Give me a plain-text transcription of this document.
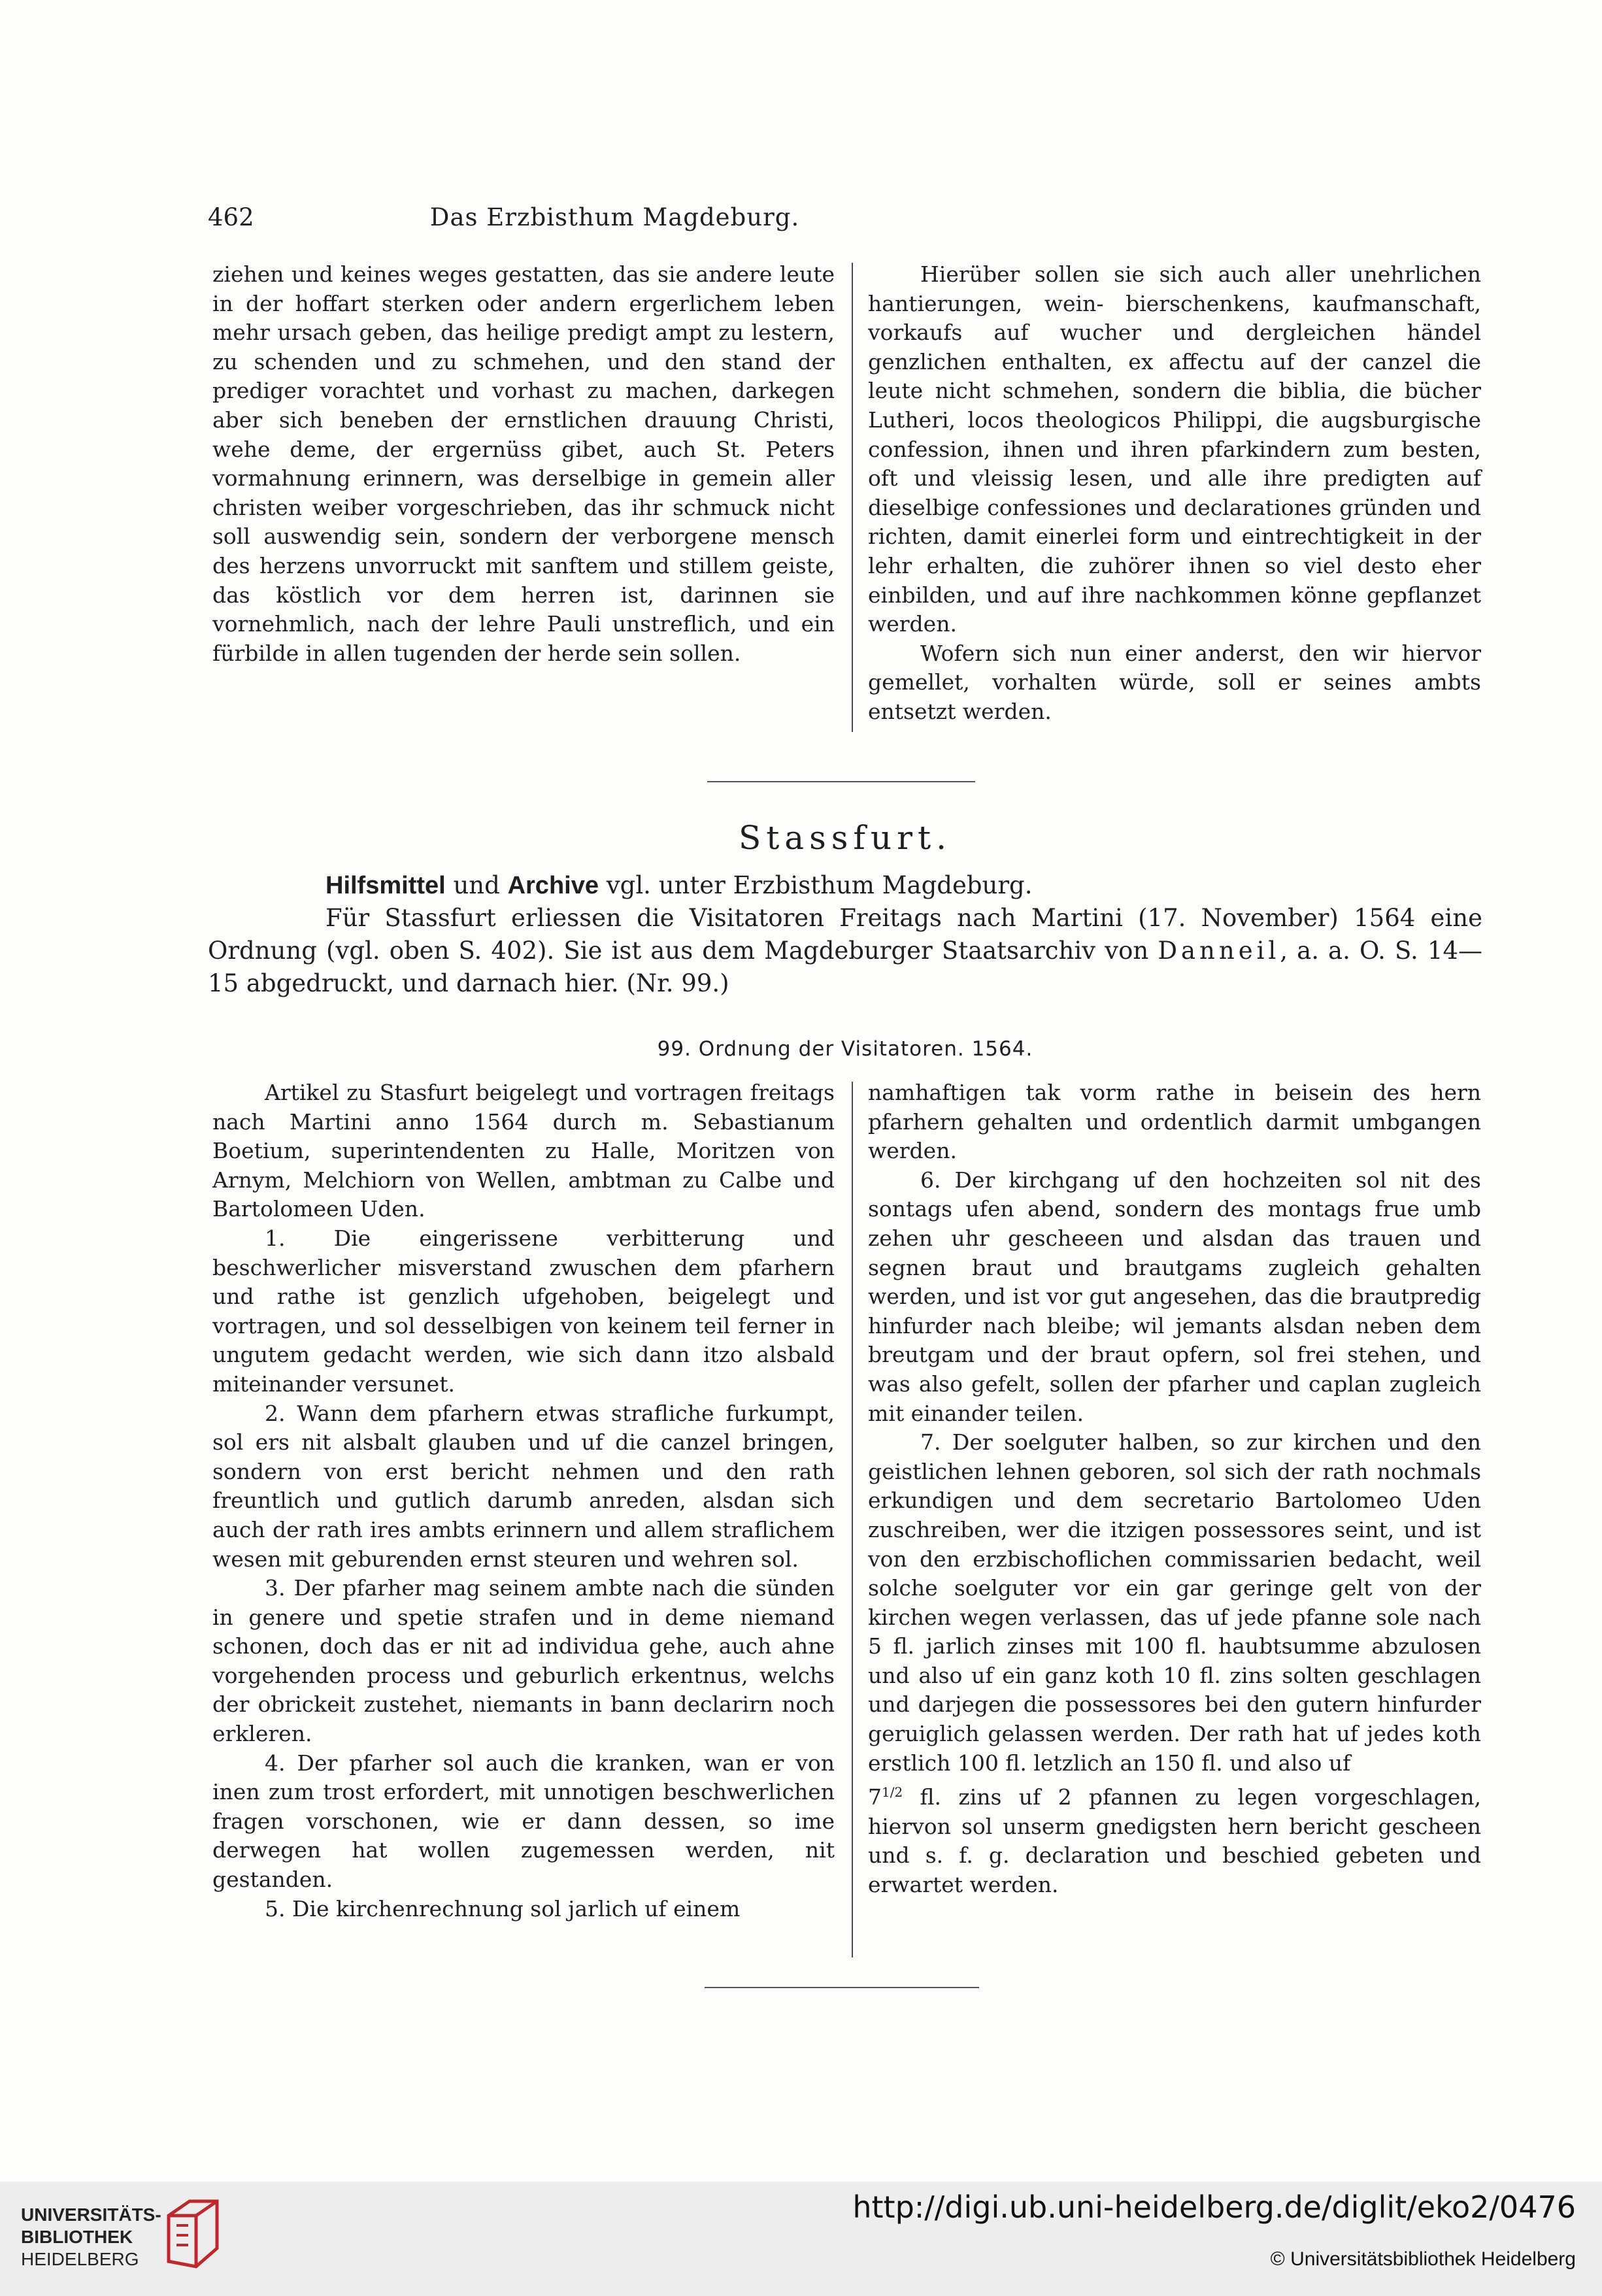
462	Das Erzbisthum Magdeburg.

ziehen und keines weges gestatten, das sie andere leute in der hoffart sterken oder andern ergerlichem leben mehr ursach geben, das heilige predigt ampt zu lestern, zu schenden und zu schmehen, und den stand der prediger vorachtet und vorhast zu machen, darkegen aber sich beneben der ernstlichen drauung Christi, wehe deme, der ergernüss gibet, auch St. Peters vormahnung erinnern, was derselbige in gemein aller christen weiber vorgeschrieben, das ihr schmuck nicht soll auswendig sein, sondern der verborgene mensch des herzens unvorruckt mit sanftem und stillem geiste, das köstlich vor dem herren ist, darinnen sie vornehmlich, nach der lehre Pauli unstreflich, und ein fürbilde in allen tugenden der herde sein sollen.

Hierüber sollen sie sich auch aller unehrlichen hantierungen, wein- bierschenkens, kaufmanschaft, vorkaufs auf wucher und dergleichen händel genzlichen enthalten, ex affectu auf der canzel die leute nicht schmehen, sondern die biblia, die bücher Lutheri, locos theologicos Philippi, die augsburgische confession, ihnen und ihren pfarkindern zum besten, oft und vleissig lesen, und alle ihre predigten auf dieselbige confessiones und declarationes gründen und richten, damit einerlei form und eintrechtigkeit in der lehr erhalten, die zuhörer ihnen so viel desto eher einbilden, und auf ihre nachkommen könne gepflanzet werden.

Wofern sich nun einer anderst, den wir hiervor gemellet, vorhalten würde, soll er seines ambts entsetzt werden.

Stassfurt.

Hilfsmittel und Archive vgl. unter Erzbisthum Magdeburg.

Für Stassfurt erliessen die Visitatoren Freitags nach Martini (17. November) 1564 eine Ordnung (vgl. oben S. 402). Sie ist aus dem Magdeburger Staatsarchiv von Danneil, a. a. O. S. 14—15 abgedruckt, und darnach hier. (Nr. 99.)

99. Ordnung der Visitatoren. 1564.

Artikel zu Stasfurt beigelegt und vortragen freitags nach Martini anno 1564 durch m. Sebastianum Boetium, superintendenten zu Halle, Moritzen von Arnym, Melchiorn von Wellen, ambtman zu Calbe und Bartolomeen Uden.

1. Die eingerissene verbitterung und beschwerlicher misverstand zwuschen dem pfarhern und rathe ist genzlich ufgehoben, beigelegt und vortragen, und sol desselbigen von keinem teil ferner in ungutem gedacht werden, wie sich dann itzo alsbald miteinander versunet.

2. Wann dem pfarhern etwas strafliche furkumpt, sol ers nit alsbalt glauben und uf die canzel bringen, sondern von erst bericht nehmen und den rath freuntlich und gutlich darumb anreden, alsdan sich auch der rath ires ambts erinnern und allem straflichem wesen mit geburenden ernst steuren und wehren sol.

3. Der pfarher mag seinem ambte nach die sünden in genere und spetie strafen und in deme niemand schonen, doch das er nit ad individua gehe, auch ahne vorgehenden process und geburlich erkentnus, welchs der obrickeit zustehet, niemants in bann declarirn noch erkleren.

4. Der pfarher sol auch die kranken, wan er von inen zum trost erfordert, mit unnotigen beschwerlichen fragen vorschonen, wie er dann dessen, so ime derwegen hat wollen zugemessen werden, nit gestanden.

5. Die kirchenrechnung sol jarlich uf einem

namhaftigen tak vorm rathe in beisein des hern pfarhern gehalten und ordentlich darmit umbgangen werden.

6. Der kirchgang uf den hochzeiten sol nit des sontags ufen abend, sondern des montags frue umb zehen uhr gescheeen und alsdan das trauen und segnen braut und brautgams zugleich gehalten werden, und ist vor gut angesehen, das die brautpredig hinfurder nach bleibe; wil jemants alsdan neben dem breutgam und der braut opfern, sol frei stehen, und was also gefelt, sollen der pfarher und caplan zugleich mit einander teilen.

7. Der soelguter halben, so zur kirchen und den geistlichen lehnen geboren, sol sich der rath nochmals erkundigen und dem secretario Bartolomeo Uden zuschreiben, wer die itzigen possessores seint, und ist von den erzbischoflichen commissarien bedacht, weil solche soelguter vor ein gar geringe gelt von der kirchen wegen verlassen, das uf jede pfanne sole nach 5 fl. jarlich zinses mit 100 fl. haubtsumme abzulosen und also uf ein ganz koth 10 fl. zins solten geschlagen und darjegen die possessores bei den gutern hinfurder geruiglich gelassen werden. Der rath hat uf jedes koth erstlich 100 fl. letzlich an 150 fl. und also uf

$7^{1/2}$ fl. zins uf 2 pfannen zu legen vorgeschlagen, hiervon sol unserm gnedigsten hern bericht gescheen und s. f. g. declaration und beschied gebeten und erwartet werden.

UNIVERSITÄTS-
BIBLIOTHEK
HEIDELBERG
http://digi.ub.uni-heidelberg.de/diglit/eko2/0476
© Universitätsbibliothek Heidelberg
